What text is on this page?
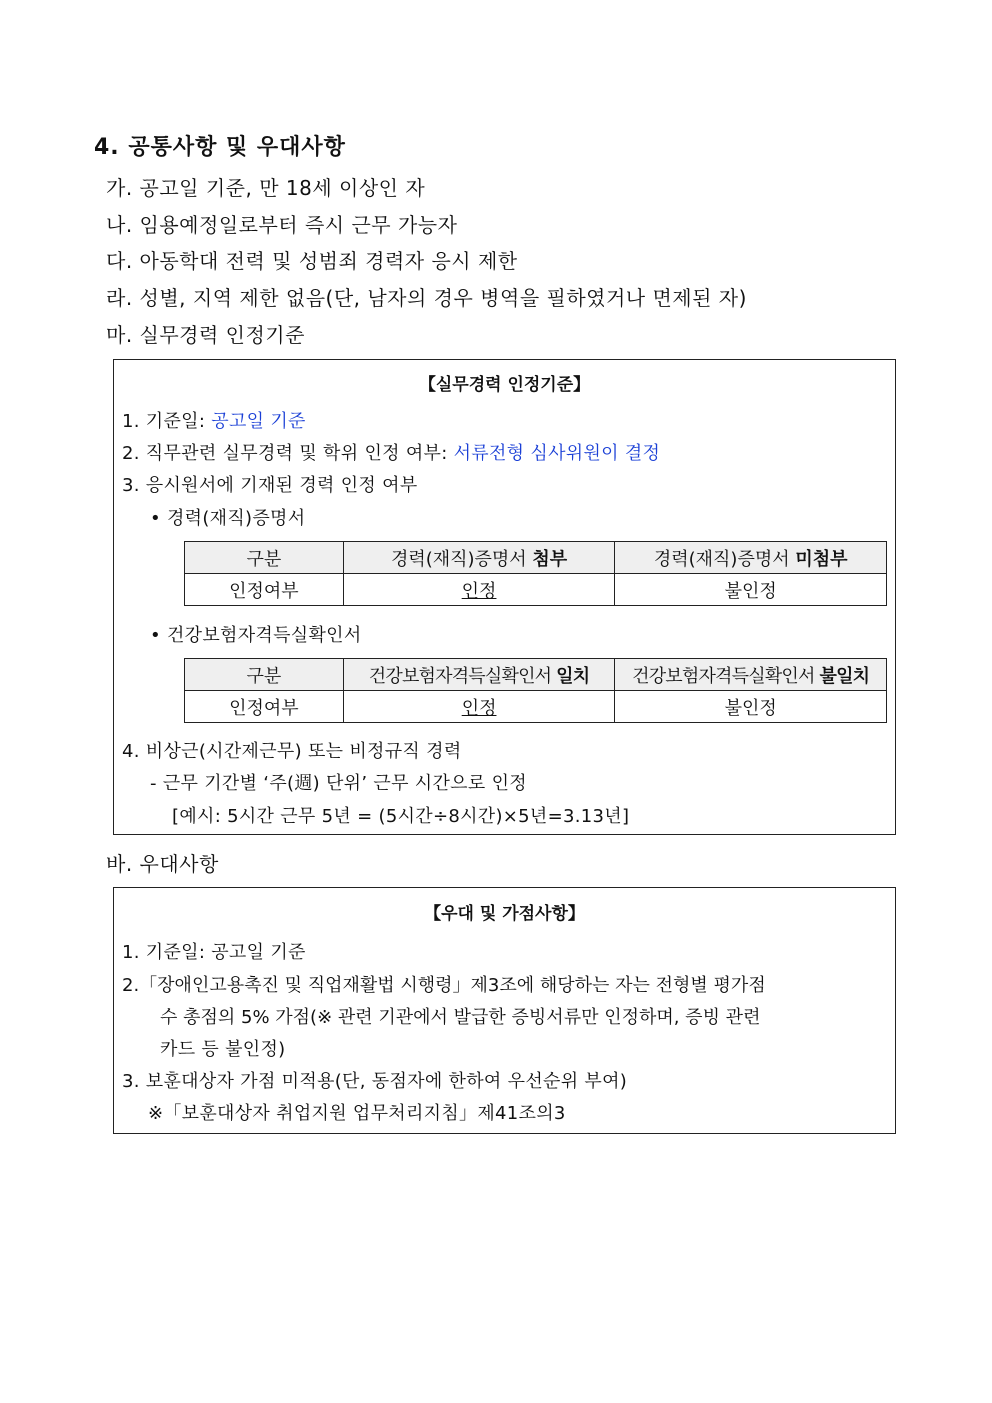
4. 공통사항 및 우대사항
가. 공고일 기준, 만 18세 이상인 자
나. 임용예정일로부터 즉시 근무 가능자
다. 아동학대 전력 및 성범죄 경력자 응시 제한
라. 성별, 지역 제한 없음(단, 남자의 경우 병역을 필하였거나 면제된 자)
마. 실무경력 인정기준
【실무경력 인정기준】
1. 기준일: 공고일 기준
2. 직무관련 실무경력 및 학위 인정 여부: 서류전형 심사위원이 결정
3. 응시원서에 기재된 경력 인정 여부
• 경력(재직)증명서
구분	경력(재직)증명서 첨부	경력(재직)증명서 미첨부
인정여부	인정	불인정
• 건강보험자격득실확인서
구분	건강보험자격득실확인서 일치	건강보험자격득실확인서 불일치
인정여부	인정	불인정
4. 비상근(시간제근무) 또는 비정규직 경력
- 근무 기간별 ‘주(週) 단위’ 근무 시간으로 인정
[예시: 5시간 근무 5년 = (5시간÷8시간)×5년=3.13년]
바. 우대사항
【우대 및 가점사항】
1. 기준일: 공고일 기준
2.「장애인고용촉진 및 직업재활법 시행령」제3조에 해당하는 자는 전형별 평가점
수 총점의 5% 가점(※ 관련 기관에서 발급한 증빙서류만 인정하며, 증빙 관련
카드 등 불인정)
3. 보훈대상자 가점 미적용(단, 동점자에 한하여 우선순위 부여)
※「보훈대상자 취업지원 업무처리지침」제41조의3
